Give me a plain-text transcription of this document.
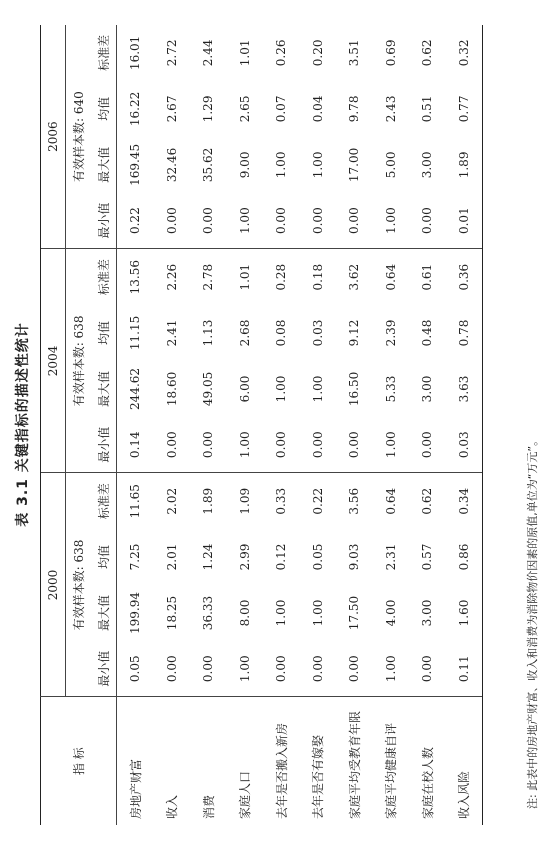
表 3.1 关键指标的描述性统计
指 标	2000				2004				2006			
	有效样本数: 638				有效样本数: 638				有效样本数: 640			
	最小值	最大值	均值	标准差	最小值	最大值	均值	标准差	最小值	最大值	均值	标准差
房地产财富	0.05	199.94	7.25	11.65	0.14	244.62	11.15	13.56	0.22	169.45	16.22	16.01
收入	0.00	18.25	2.01	2.02	0.00	18.60	2.41	2.26	0.00	32.46	2.67	2.72
消费	0.00	36.33	1.24	1.89	0.00	49.05	1.13	2.78	0.00	35.62	1.29	2.44
家庭人口	1.00	8.00	2.99	1.09	1.00	6.00	2.68	1.01	1.00	9.00	2.65	1.01
去年是否搬入新房	0.00	1.00	0.12	0.33	0.00	1.00	0.08	0.28	0.00	1.00	0.07	0.26
去年是否有嫁娶	0.00	1.00	0.05	0.22	0.00	1.00	0.03	0.18	0.00	1.00	0.04	0.20
家庭平均受教育年限	0.00	17.50	9.03	3.56	0.00	16.50	9.12	3.62	0.00	17.00	9.78	3.51
家庭平均健康自评	1.00	4.00	2.31	0.64	1.00	5.33	2.39	0.64	1.00	5.00	2.43	0.69
家庭在校人数	0.00	3.00	0.57	0.62	0.00	3.00	0.48	0.61	0.00	3.00	0.51	0.62
收入风险	0.11	1.60	0.86	0.34	0.03	3.63	0.78	0.36	0.01	1.89	0.77	0.32
注: 此表中的房地产财富、收入和消费为消除物价因素的原值,单位为“万元”。
